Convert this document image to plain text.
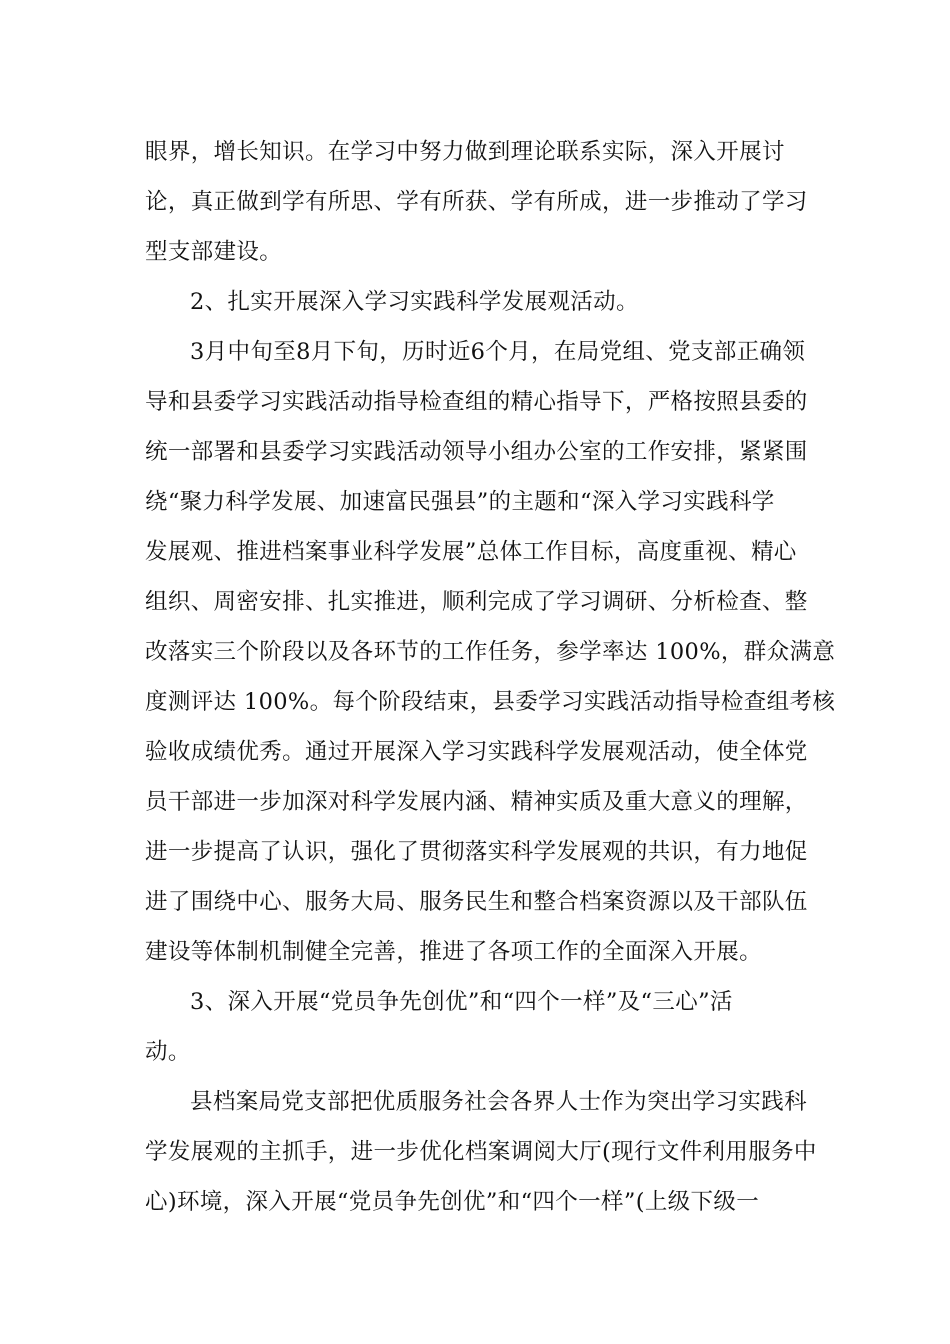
眼界，增长知识。在学习中努力做到理论联系实际，深入开展讨
论，真正做到学有所思、学有所获、学有所成，进一步推动了学习
型支部建设。
2、扎实开展深入学习实践科学发展观活动。
3月中旬至8月下旬，历时近6个月，在局党组、党支部正确领
导和县委学习实践活动指导检查组的精心指导下，严格按照县委的
统一部署和县委学习实践活动领导小组办公室的工作安排，紧紧围
绕“聚力科学发展、加速富民强县”的主题和“深入学习实践科学
发展观、推进档案事业科学发展”总体工作目标，高度重视、精心
组织、周密安排、扎实推进，顺利完成了学习调研、分析检查、整
改落实三个阶段以及各环节的工作任务，参学率达 100%，群众满意
度测评达 100%。每个阶段结束，县委学习实践活动指导检查组考核
验收成绩优秀。通过开展深入学习实践科学发展观活动，使全体党
员干部进一步加深对科学发展内涵、精神实质及重大意义的理解，
进一步提高了认识，强化了贯彻落实科学发展观的共识，有力地促
进了围绕中心、服务大局、服务民生和整合档案资源以及干部队伍
建设等体制机制健全完善，推进了各项工作的全面深入开展。
3、深入开展“党员争先创优”和“四个一样”及“三心”活
动。
县档案局党支部把优质服务社会各界人士作为突出学习实践科
学发展观的主抓手，进一步优化档案调阅大厅(现行文件利用服务中
心)环境，深入开展“党员争先创优”和“四个一样”(上级下级一
